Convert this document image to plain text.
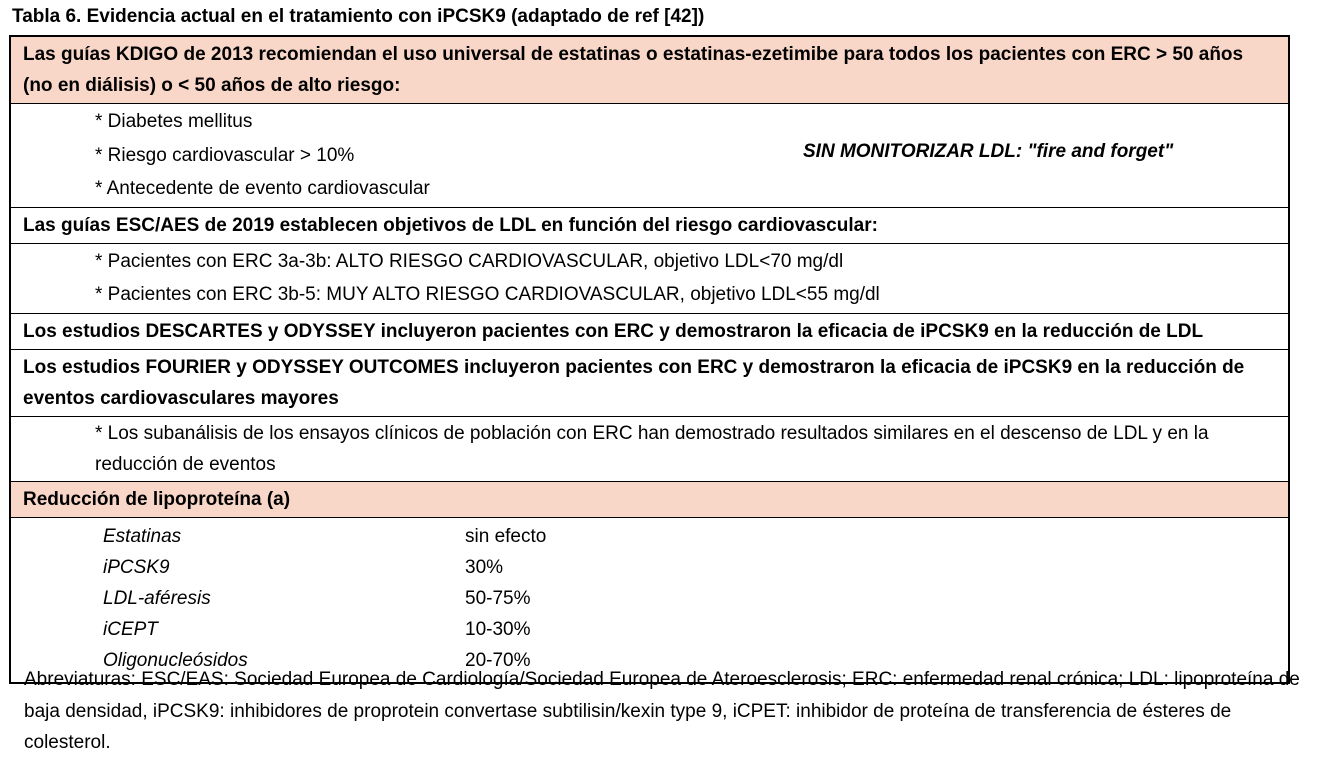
Tabla 6. Evidencia actual en el tratamiento con iPCSK9 (adaptado de ref [42])
Las guías KDIGO de 2013 recomiendan el uso universal de estatinas o estatinas-ezetimibe para todos los pacientes con ERC > 50 años (no en diálisis) o < 50 años de alto riesgo:
* Diabetes mellitus
* Riesgo cardiovascular > 10%
* Antecedente de evento cardiovascular
SIN MONITORIZAR LDL: "fire and forget"
Las guías ESC/AES de 2019 establecen objetivos de LDL en función del riesgo cardiovascular:
* Pacientes con ERC 3a-3b: ALTO RIESGO CARDIOVASCULAR, objetivo LDL<70 mg/dl
* Pacientes con ERC 3b-5: MUY ALTO RIESGO CARDIOVASCULAR, objetivo LDL<55 mg/dl
Los estudios DESCARTES y ODYSSEY incluyeron pacientes con ERC y demostraron la eficacia de iPCSK9 en la reducción de LDL
Los estudios FOURIER y ODYSSEY OUTCOMES incluyeron pacientes con ERC y demostraron la eficacia de iPCSK9 en la reducción de eventos cardiovasculares mayores
* Los subanálisis de los ensayos clínicos de población con ERC han demostrado resultados similares en el descenso de LDL y en la reducción de eventos
Reducción de lipoproteína (a)
Estatinas	sin efecto
iPCSK9	30%
LDL-aféresis	50-75%
iCEPT	10-30%
Oligonucleósidos	20-70%
Abreviaturas: ESC/EAS: Sociedad Europea de Cardiología/Sociedad Europea de Ateroesclerosis; ERC: enfermedad renal crónica; LDL: lipoproteína de baja densidad, iPCSK9: inhibidores de proprotein convertase subtilisin/kexin type 9, iCPET: inhibidor de proteína de transferencia de ésteres de colesterol.
